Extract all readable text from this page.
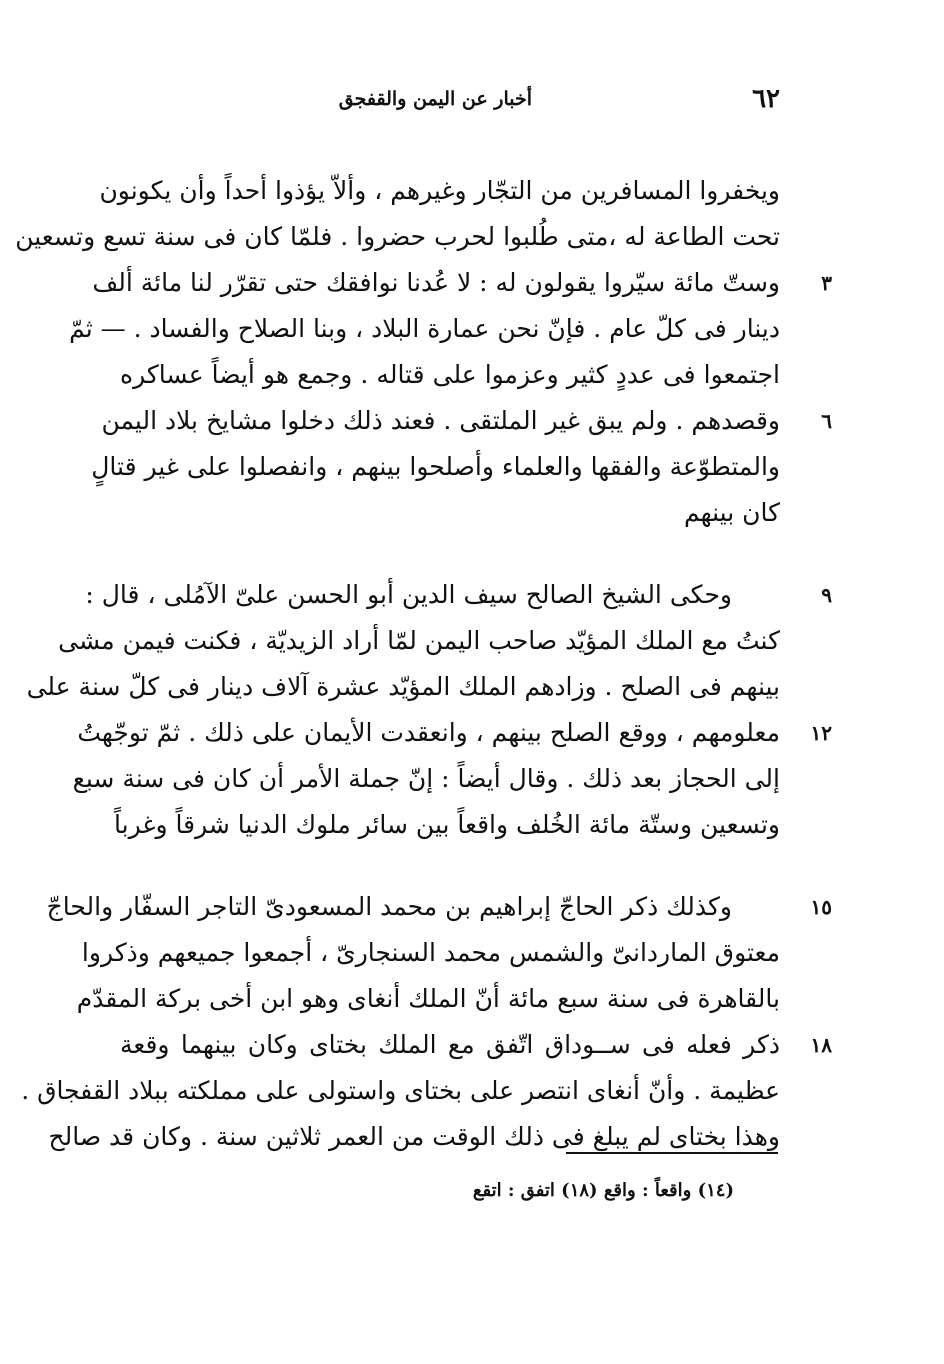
٦٢
أخبار عن اليمن والقفجق
ويخفروا المسافرين من التجّار وغيرهم ، وألاّ يؤذوا أحداً وأن يكونون
تحت الطاعة له ،متى طُلبوا لحرب حضروا . فلمّا كان فى سنة تسع وتسعين
٣
وستّ مائة سيّروا يقولون له : لا عُدنا نوافقك حتى تقرّر لنا مائة ألف
دينار فى كلّ عام . فإنّ نحن عمارة البلاد ، وبنا الصلاح والفساد . — ثمّ
اجتمعوا فى عددٍ كثير وعزموا على قتاله . وجمع هو أيضاً عساكره
٦
وقصدهم . ولم يبق غير الملتقى . فعند ذلك دخلوا مشايخ بلاد اليمن
والمتطوّعة والفقها والعلماء وأصلحوا بينهم ، وانفصلوا على غير قتالٍ
كان بينهم
٩
وحكى الشيخ الصالح سيف الدين أبو الحسن علىّ الآمُلى ، قال :
كنتُ مع الملك المؤيّد صاحب اليمن لمّا أراد الزيديّة ، فكنت فيمن مشى
بينهم فى الصلح . وزادهم الملك المؤيّد عشرة آلاف دينار فى كلّ سنة على
١٢
معلومهم ، ووقع الصلح بينهم ، وانعقدت الأيمان على ذلك . ثمّ توجّهتُ
إلى الحجاز بعد ذلك . وقال أيضاً : إنّ جملة الأمر أن كان فى سنة سبع
وتسعين وستّة مائة الخُلف واقعاً بين سائر ملوك الدنيا شرقاً وغرباً
١٥
وكذلك ذكر الحاجّ إبراهيم بن محمد المسعودىّ التاجر السفّار والحاجّ
معتوق الماردانىّ والشمس محمد السنجارىّ ، أجمعوا جميعهم وذكروا
بالقاهرة فى سنة سبع مائة أنّ الملك أنغاى وهو ابن أخى بركة المقدّم
١٨
ذكر فعله فى ســوداق اتّفق مع الملك بختاى وكان بينهما وقعة
عظيمة . وأنّ أنغاى انتصر على بختاى واستولى على مملكته ببلاد القفجاق .
وهذا بختاى لم يبلغ فى ذلك الوقت من العمر ثلاثين سنة . وكان قد صالح
(١٤) واقعاً : واقع (١٨) اتفق : اتقع
